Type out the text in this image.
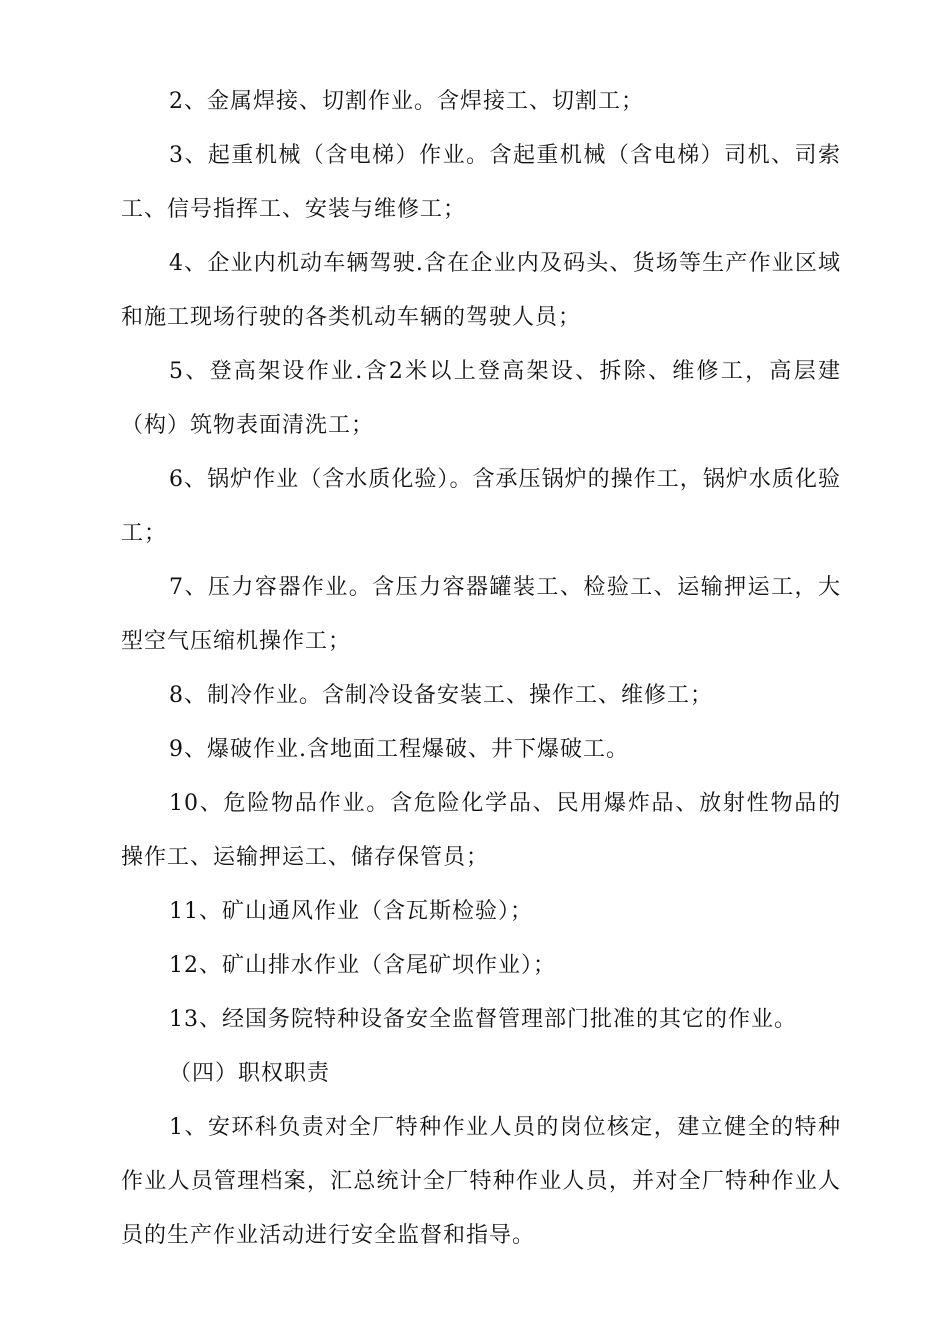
2、金属焊接、切割作业。含焊接工、切割工；

3、起重机械（含电梯）作业。含起重机械（含电梯）司机、司索工、信号指挥工、安装与维修工；

4、企业内机动车辆驾驶.含在企业内及码头、货场等生产作业区域和施工现场行驶的各类机动车辆的驾驶人员；

5、登高架设作业.含2米以上登高架设、拆除、维修工，高层建（构）筑物表面清洗工；

6、锅炉作业（含水质化验）。含承压锅炉的操作工，锅炉水质化验工；

7、压力容器作业。含压力容器罐装工、检验工、运输押运工，大型空气压缩机操作工；

8、制冷作业。含制冷设备安装工、操作工、维修工；

9、爆破作业.含地面工程爆破、井下爆破工。

10、危险物品作业。含危险化学品、民用爆炸品、放射性物品的操作工、运输押运工、储存保管员；

11、矿山通风作业（含瓦斯检验）；

12、矿山排水作业（含尾矿坝作业）；

13、经国务院特种设备安全监督管理部门批准的其它的作业。

（四）职权职责

1、安环科负责对全厂特种作业人员的岗位核定，建立健全的特种作业人员管理档案，汇总统计全厂特种作业人员，并对全厂特种作业人员的生产作业活动进行安全监督和指导。
